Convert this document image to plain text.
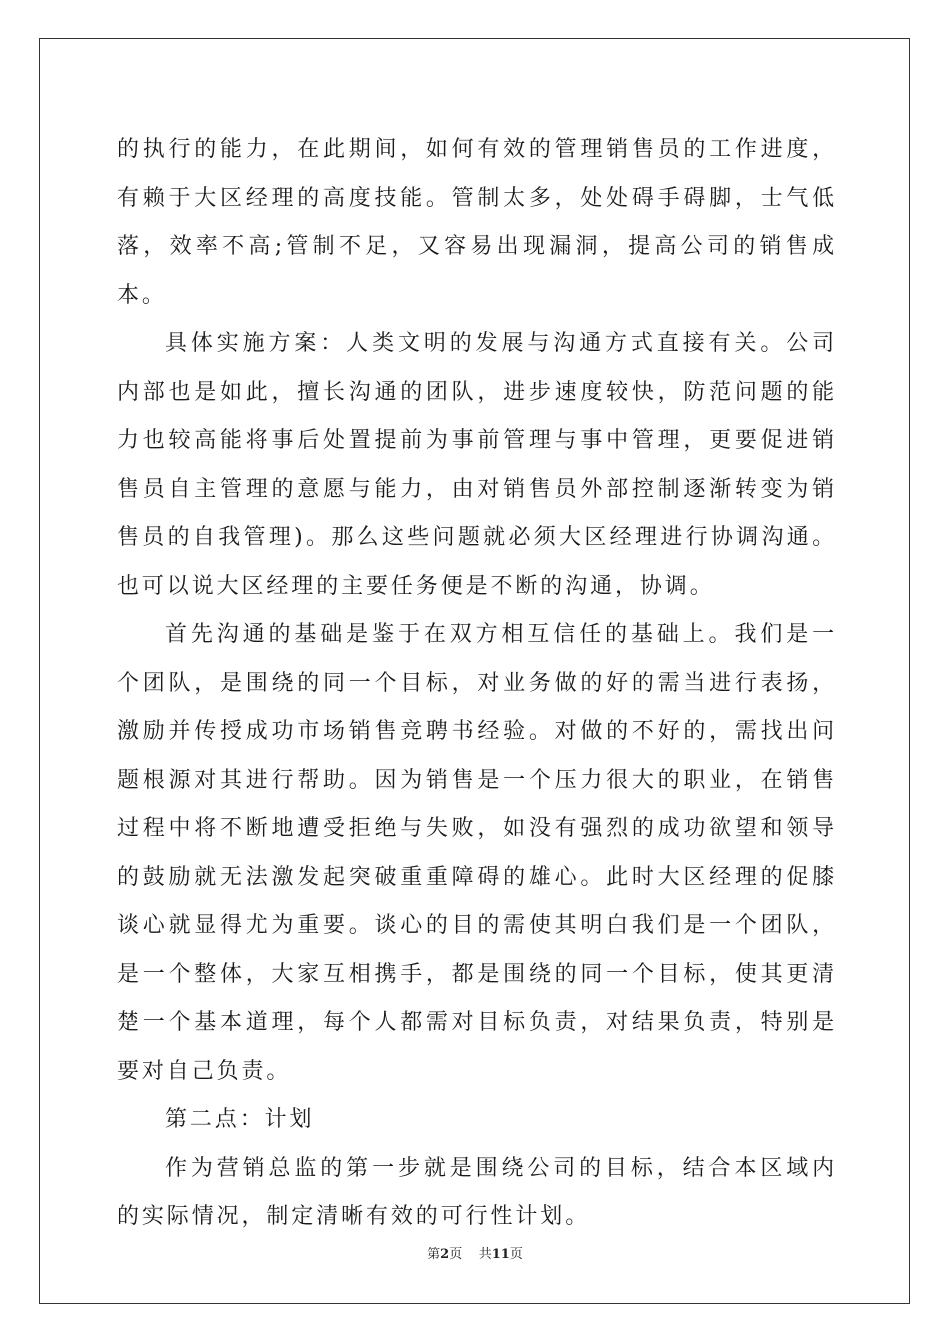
的执行的能力，在此期间，如何有效的管理销售员的工作进度，有赖于大区经理的高度技能。管制太多，处处碍手碍脚，士气低落，效率不高;管制不足，又容易出现漏洞，提高公司的销售成本。

具体实施方案：人类文明的发展与沟通方式直接有关。公司内部也是如此，擅长沟通的团队，进步速度较快，防范问题的能力也较高能将事后处置提前为事前管理与事中管理，更要促进销售员自主管理的意愿与能力，由对销售员外部控制逐渐转变为销售员的自我管理)。那么这些问题就必须大区经理进行协调沟通。也可以说大区经理的主要任务便是不断的沟通，协调。

首先沟通的基础是鉴于在双方相互信任的基础上。我们是一个团队，是围绕的同一个目标，对业务做的好的需当进行表扬，激励并传授成功市场销售竞聘书经验。对做的不好的，需找出问题根源对其进行帮助。因为销售是一个压力很大的职业，在销售过程中将不断地遭受拒绝与失败，如没有强烈的成功欲望和领导的鼓励就无法激发起突破重重障碍的雄心。此时大区经理的促膝谈心就显得尤为重要。谈心的目的需使其明白我们是一个团队，是一个整体，大家互相携手，都是围绕的同一个目标，使其更清楚一个基本道理，每个人都需对目标负责，对结果负责，特别是要对自己负责。

第二点：计划

作为营销总监的第一步就是围绕公司的目标，结合本区域内的实际情况，制定清晰有效的可行性计划。

第2页 共11页
